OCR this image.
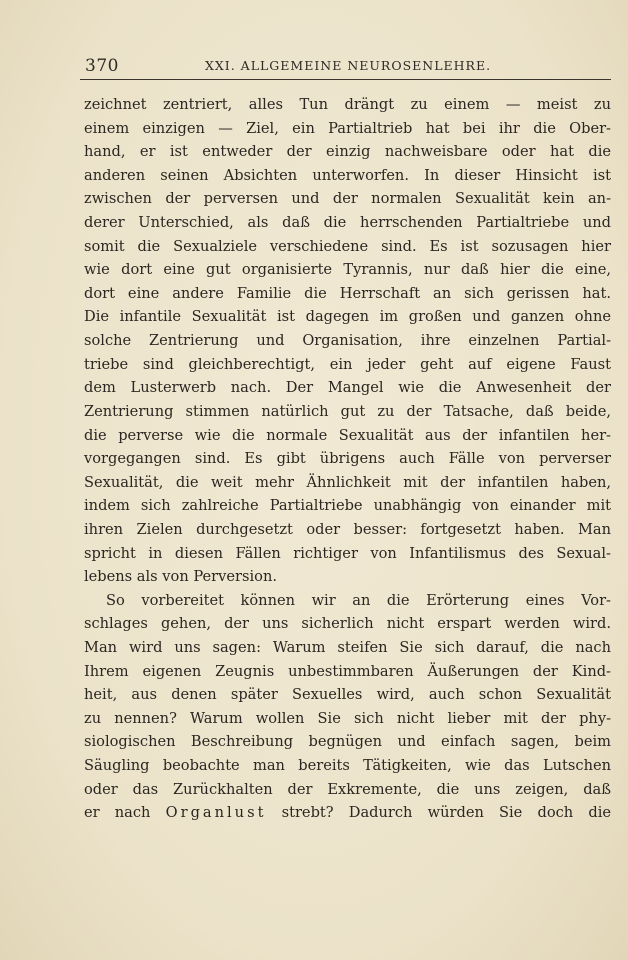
370	XXI. ALLGEMEINE NEUROSENLEHRE.
zeichnet zentriert, alles Tun drängt zu einem — meist zu
einem einzigen — Ziel, ein Partialtrieb hat bei ihr die Ober-
hand, er ist entweder der einzig nachweisbare oder hat die
anderen seinen Absichten unterworfen. In dieser Hinsicht ist
zwischen der perversen und der normalen Sexualität kein an-
derer Unterschied, als daß die herrschenden Partialtriebe und
somit die Sexualziele verschiedene sind. Es ist sozusagen hier
wie dort eine gut organisierte Tyrannis, nur daß hier die eine,
dort eine andere Familie die Herrschaft an sich gerissen hat.
Die infantile Sexualität ist dagegen im großen und ganzen ohne
solche Zentrierung und Organisation, ihre einzelnen Partial-
triebe sind gleichberechtigt, ein jeder geht auf eigene Faust
dem Lusterwerb nach. Der Mangel wie die Anwesenheit der
Zentrierung stimmen natürlich gut zu der Tatsache, daß beide,
die perverse wie die normale Sexualität aus der infantilen her-
vorgegangen sind. Es gibt übrigens auch Fälle von perverser
Sexualität, die weit mehr Ähnlichkeit mit der infantilen haben,
indem sich zahlreiche Partialtriebe unabhängig von einander mit
ihren Zielen durchgesetzt oder besser: fortgesetzt haben. Man
spricht in diesen Fällen richtiger von Infantilismus des Sexual-
lebens als von Perversion.
So vorbereitet können wir an die Erörterung eines Vor-
schlages gehen, der uns sicherlich nicht erspart werden wird.
Man wird uns sagen: Warum steifen Sie sich darauf, die nach
Ihrem eigenen Zeugnis unbestimmbaren Äußerungen der Kind-
heit, aus denen später Sexuelles wird, auch schon Sexualität
zu nennen? Warum wollen Sie sich nicht lieber mit der phy-
siologischen Beschreibung begnügen und einfach sagen, beim
Säugling beobachte man bereits Tätigkeiten, wie das Lutschen
oder das Zurückhalten der Exkremente, die uns zeigen, daß
er nach Organlust strebt? Dadurch würden Sie doch die
